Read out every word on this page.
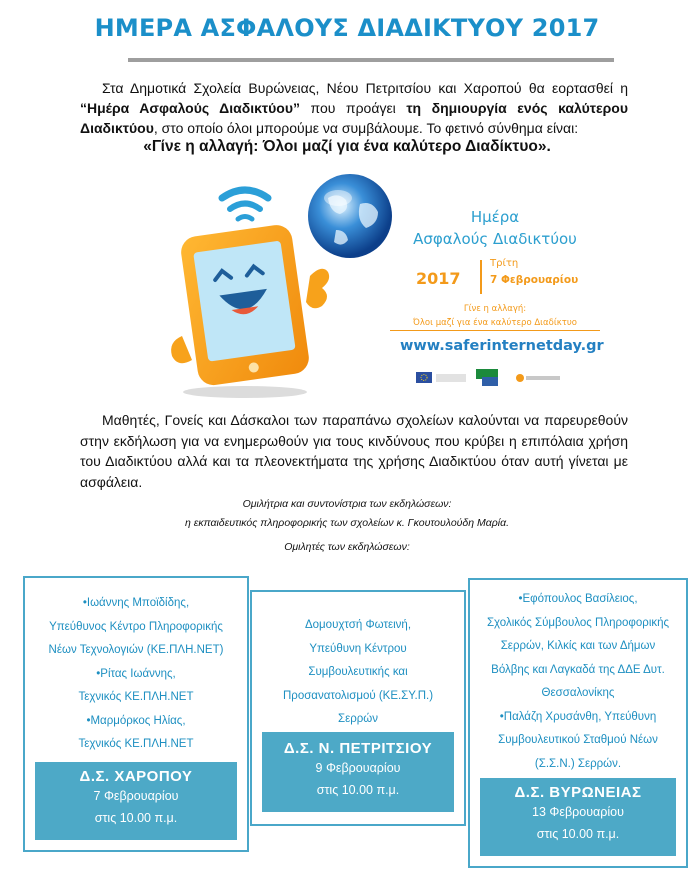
ΗΜΕΡΑ ΑΣΦΑΛΟΥΣ ΔΙΑΔΙΚΤΥΟΥ 2017
Στα Δημοτικά Σχολεία Βυρώνειας, Νέου Πετριτσίου και Χαροπού θα εορτασθεί η “Ημέρα Ασφαλούς Διαδικτύου” που προάγει τη δημιουργία ενός καλύτερου Διαδικτύου, στο οποίο όλοι μπορούμε να συμβάλουμε. Το φετινό σύνθημα είναι:
«Γίνε η αλλαγή: Όλοι μαζί για ένα καλύτερο Διαδίκτυο».
Ημέρα
Ασφαλούς Διαδικτύου
2017
Τρίτη
7 Φεβρουαρίου
Γίνε η αλλαγή:
Όλοι μαζί για ένα καλύτερο Διαδίκτυο
www.saferinternetday.gr
Μαθητές, Γονείς και Δάσκαλοι των παραπάνω σχολείων καλούνται να παρευρεθούν στην εκδήλωση για να ενημερωθούν για τους κινδύνους που κρύβει η επιπόλαια χρήση του Διαδικτύου αλλά και τα πλεονεκτήματα της χρήσης Διαδικτύου όταν αυτή γίνεται με ασφάλεια.
Ομιλήτρια και συντονίστρια των εκδηλώσεων:
η εκπαιδευτικός πληροφορικής των σχολείων κ. Γκουτουλούδη Μαρία.
Ομιλητές των εκδηλώσεων:
•Ιωάννης Μποϊδίδης,
Υπεύθυνος Κέντρο Πληροφορικής
Νέων Τεχνολογιών (ΚΕ.ΠΛΗ.ΝΕΤ)
•Ρίτας Ιωάννης,
Τεχνικός ΚΕ.ΠΛΗ.ΝΕΤ
•Μαρμόρκος Ηλίας,
Τεχνικός ΚΕ.ΠΛΗ.ΝΕΤ
Δ.Σ. ΧΑΡΟΠΟΥ
7 Φεβρουαρίου
στις 10.00 π.μ.
Δομουχτσή Φωτεινή,
Υπεύθυνη Κέντρου
Συμβουλευτικής και
Προσανατολισμού (ΚΕ.ΣΥ.Π.)
Σερρών
Δ.Σ. Ν. ΠΕΤΡΙΤΣΙΟΥ
9 Φεβρουαρίου
στις 10.00 π.μ.
•Εφόπουλος Βασίλειος,
Σχολικός Σύμβουλος Πληροφορικής
Σερρών, Κιλκίς και των Δήμων
Βόλβης και Λαγκαδά της ΔΔΕ Δυτ.
Θεσσαλονίκης
•Παλάζη Χρυσάνθη, Υπεύθυνη
Συμβουλευτικού Σταθμού Νέων
(Σ.Σ.Ν.) Σερρών.
Δ.Σ. ΒΥΡΩΝΕΙΑΣ
13 Φεβρουαρίου
στις 10.00 π.μ.
